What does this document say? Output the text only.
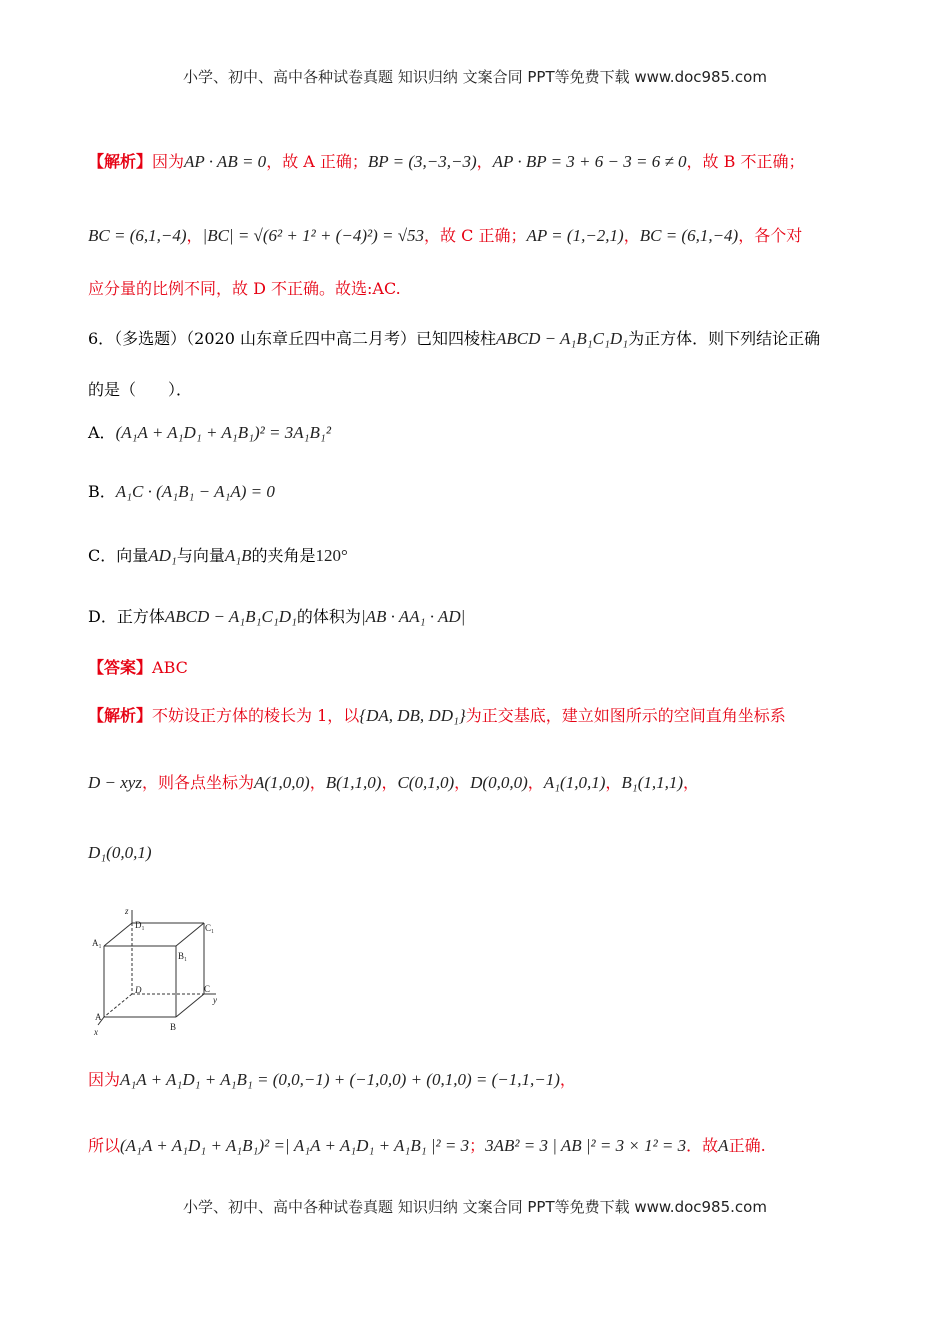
小学、初中、高中各种试卷真题 知识归纳 文案合同 PPT等免费下载 www.doc985.com
小学、初中、高中各种试卷真题 知识归纳 文案合同 PPT等免费下载 www.doc985.com
【解析】因为AP · AB = 0，故 A 正确；BP = (3,−3,−3)，AP · BP = 3 + 6 − 3 = 6 ≠ 0，故 B 不正确；
BC = (6,1,−4)，|BC| = √(6² + 1² + (−4)²) = √53，故 C 正确；AP = (1,−2,1)，BC = (6,1,−4)，各个对
应分量的比例不同，故 D 不正确。故选:AC.
6．（多选题）（2020 山东章丘四中高二月考）已知四棱柱ABCD − A₁B₁C₁D₁为正方体．则下列结论正确
的是（　　）．
A．(A₁A + A₁D₁ + A₁B₁)² = 3A₁B₁²
B．A₁C · (A₁B₁ − A₁A) = 0
C．向量AD₁与向量A₁B的夹角是120°
D．正方体ABCD − A₁B₁C₁D₁的体积为|AB · AA₁ · AD|
【答案】ABC
【解析】不妨设正方体的棱长为 1，以{DA, DB, DD₁}为正交基底，建立如图所示的空间直角坐标系
D − xyz，则各点坐标为A(1,0,0)，B(1,1,0)，C(0,1,0)，D(0,0,0)，A₁(1,0,1)，B₁(1,1,1)，
D₁(0,0,1)
z
y
x
D₁	C₁
A₁
B₁
D	C
A
B
因为A₁A + A₁D₁ + A₁B₁ = (0,0,−1) + (−1,0,0) + (0,1,0) = (−1,1,−1)，
所以(A₁A + A₁D₁ + A₁B₁)² =| A₁A + A₁D₁ + A₁B₁ |² = 3；3AB² = 3 | AB |² = 3 × 1² = 3．故A正确.
